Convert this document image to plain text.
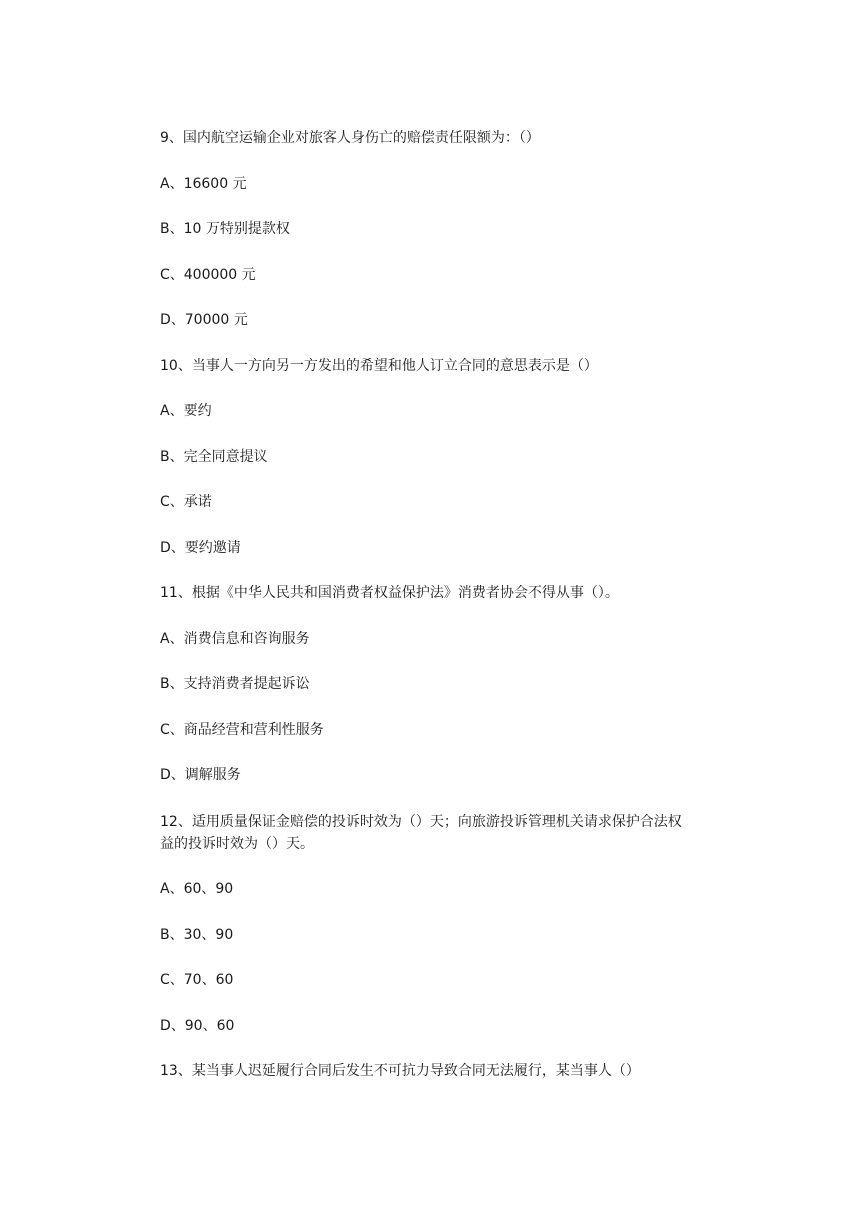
9、国内航空运输企业对旅客人身伤亡的赔偿责任限额为：（）
A、16600 元
B、10 万特别提款权
C、400000 元
D、70000 元
10、当事人一方向另一方发出的希望和他人订立合同的意思表示是（）
A、要约
B、完全同意提议
C、承诺
D、要约邀请
11、根据《中华人民共和国消费者权益保护法》消费者协会不得从事（）。
A、消费信息和咨询服务
B、支持消费者提起诉讼
C、商品经营和营利性服务
D、调解服务
12、适用质量保证金赔偿的投诉时效为（）天；向旅游投诉管理机关请求保护合法权
益的投诉时效为（）天。
A、60、90
B、30、90
C、70、60
D、90、60
13、某当事人迟延履行合同后发生不可抗力导致合同无法履行，某当事人（）
